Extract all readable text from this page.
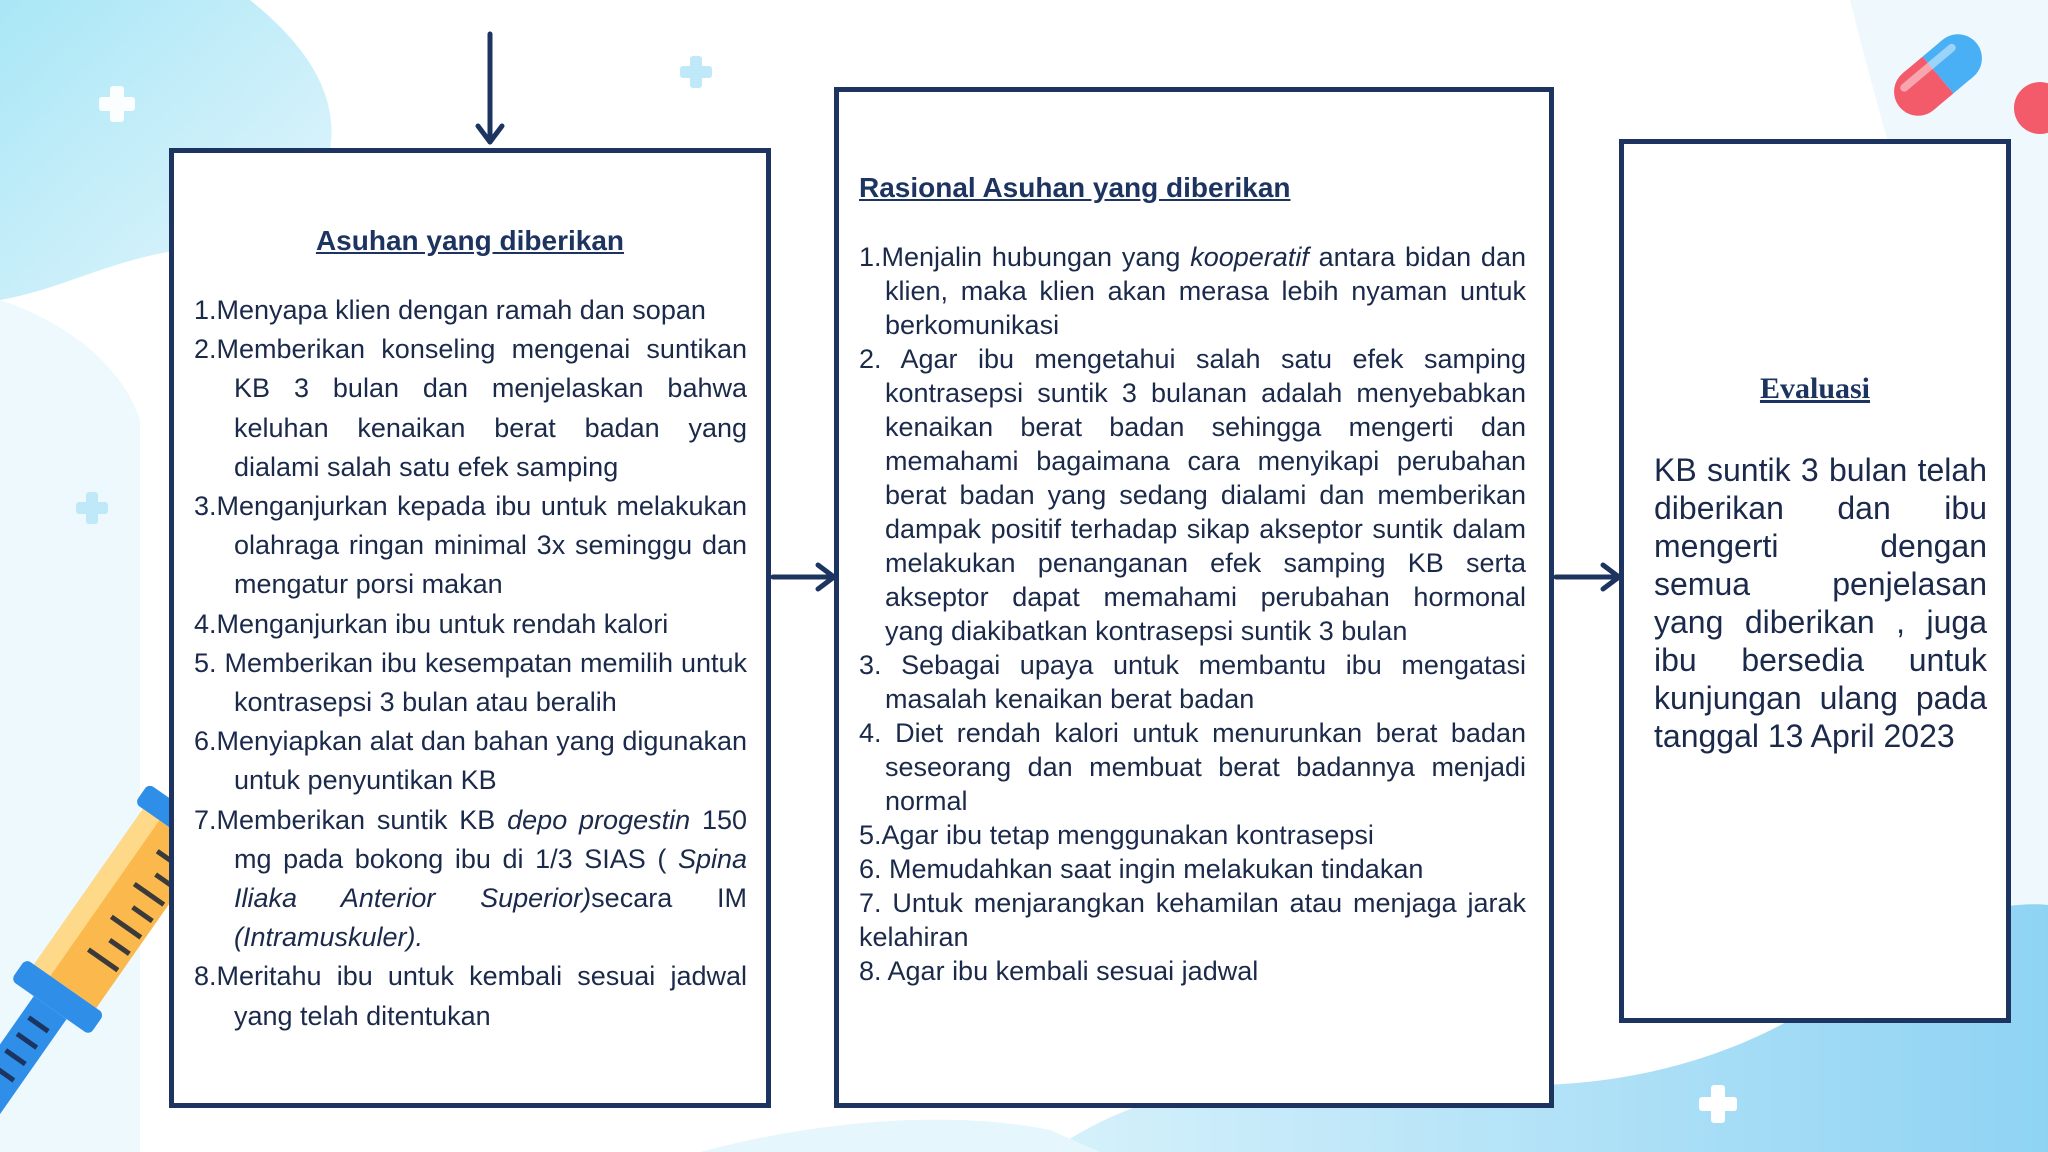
Asuhan yang diberikan
1.Menyapa klien dengan ramah dan sopan
2.Memberikan konseling mengenai suntikan KB 3 bulan dan menjelaskan bahwa keluhan kenaikan berat badan yang dialami salah satu efek samping
3.Menganjurkan kepada ibu untuk melakukan olahraga ringan minimal 3x seminggu dan mengatur porsi makan
4.Menganjurkan ibu untuk rendah kalori
5. Memberikan ibu kesempatan memilih untuk kontrasepsi 3 bulan atau beralih
6.Menyiapkan alat dan bahan yang digunakan untuk penyuntikan KB
7.Memberikan suntik KB depo progestin 150 mg pada bokong ibu di 1/3 SIAS ( Spina Iliaka Anterior Superior)secara IM (Intramuskuler).
8.Meritahu ibu untuk kembali sesuai jadwal yang telah ditentukan
Rasional Asuhan yang diberikan
1.Menjalin hubungan yang kooperatif antara bidan dan klien, maka klien akan merasa lebih nyaman untuk berkomunikasi
2. Agar ibu mengetahui salah satu efek samping kontrasepsi suntik 3 bulanan adalah menyebabkan kenaikan berat badan sehingga mengerti dan memahami bagaimana cara menyikapi perubahan berat badan yang sedang dialami dan memberikan dampak positif terhadap sikap akseptor suntik dalam melakukan penanganan efek samping KB serta akseptor dapat memahami perubahan hormonal yang diakibatkan kontrasepsi suntik 3 bulan
3. Sebagai upaya untuk membantu ibu mengatasi masalah kenaikan berat badan
4. Diet rendah kalori untuk menurunkan berat badan seseorang dan membuat berat badannya menjadi normal
5.Agar ibu tetap menggunakan kontrasepsi
6. Memudahkan saat ingin melakukan tindakan
7. Untuk menjarangkan kehamilan atau menjaga jarak kelahiran
8. Agar ibu kembali sesuai jadwal
Evaluasi
KB suntik 3 bulan telah diberikan dan ibu mengerti dengan semua penjelasan yang diberikan , juga ibu bersedia untuk kunjungan ulang pada tanggal 13 April 2023
